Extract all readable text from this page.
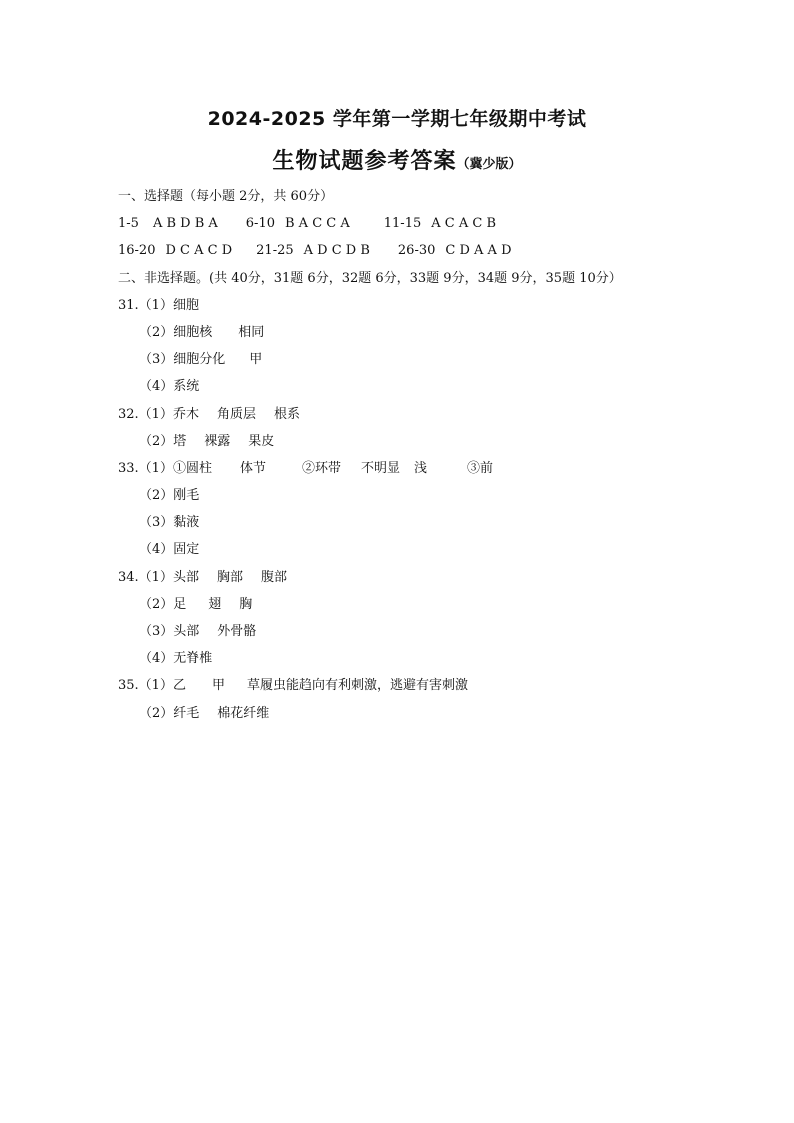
2024-2025 学年第一学期七年级期中考试
生物试题参考答案（冀少版）
一、选择题（每小题 2分，共 60分）
1-5 A B D B A 6-10 B A C C A	11-15 A C A C B
16-20 D C A C D 21-25 A D C D B 26-30 C D A A D
二、非选择题。(共 40分，31题 6分，32题 6分，33题 9分，34题 9分，35题 10分）
31.（1）细胞
（2）细胞核 相同
（3）细胞分化 甲
（4）系统
32.（1）乔木 角质层 根系
（2）塔 裸露 果皮
33.（1）①圆柱 体节	②环带 不明显 浅	③前
（2）刚毛
（3）黏液
（4）固定
34.（1）头部 胸部 腹部
（2）足 翅 胸
（3）头部 外骨骼
（4）无脊椎
35.（1）乙 甲 草履虫能趋向有利刺激，逃避有害刺激
（2）纤毛 棉花纤维
